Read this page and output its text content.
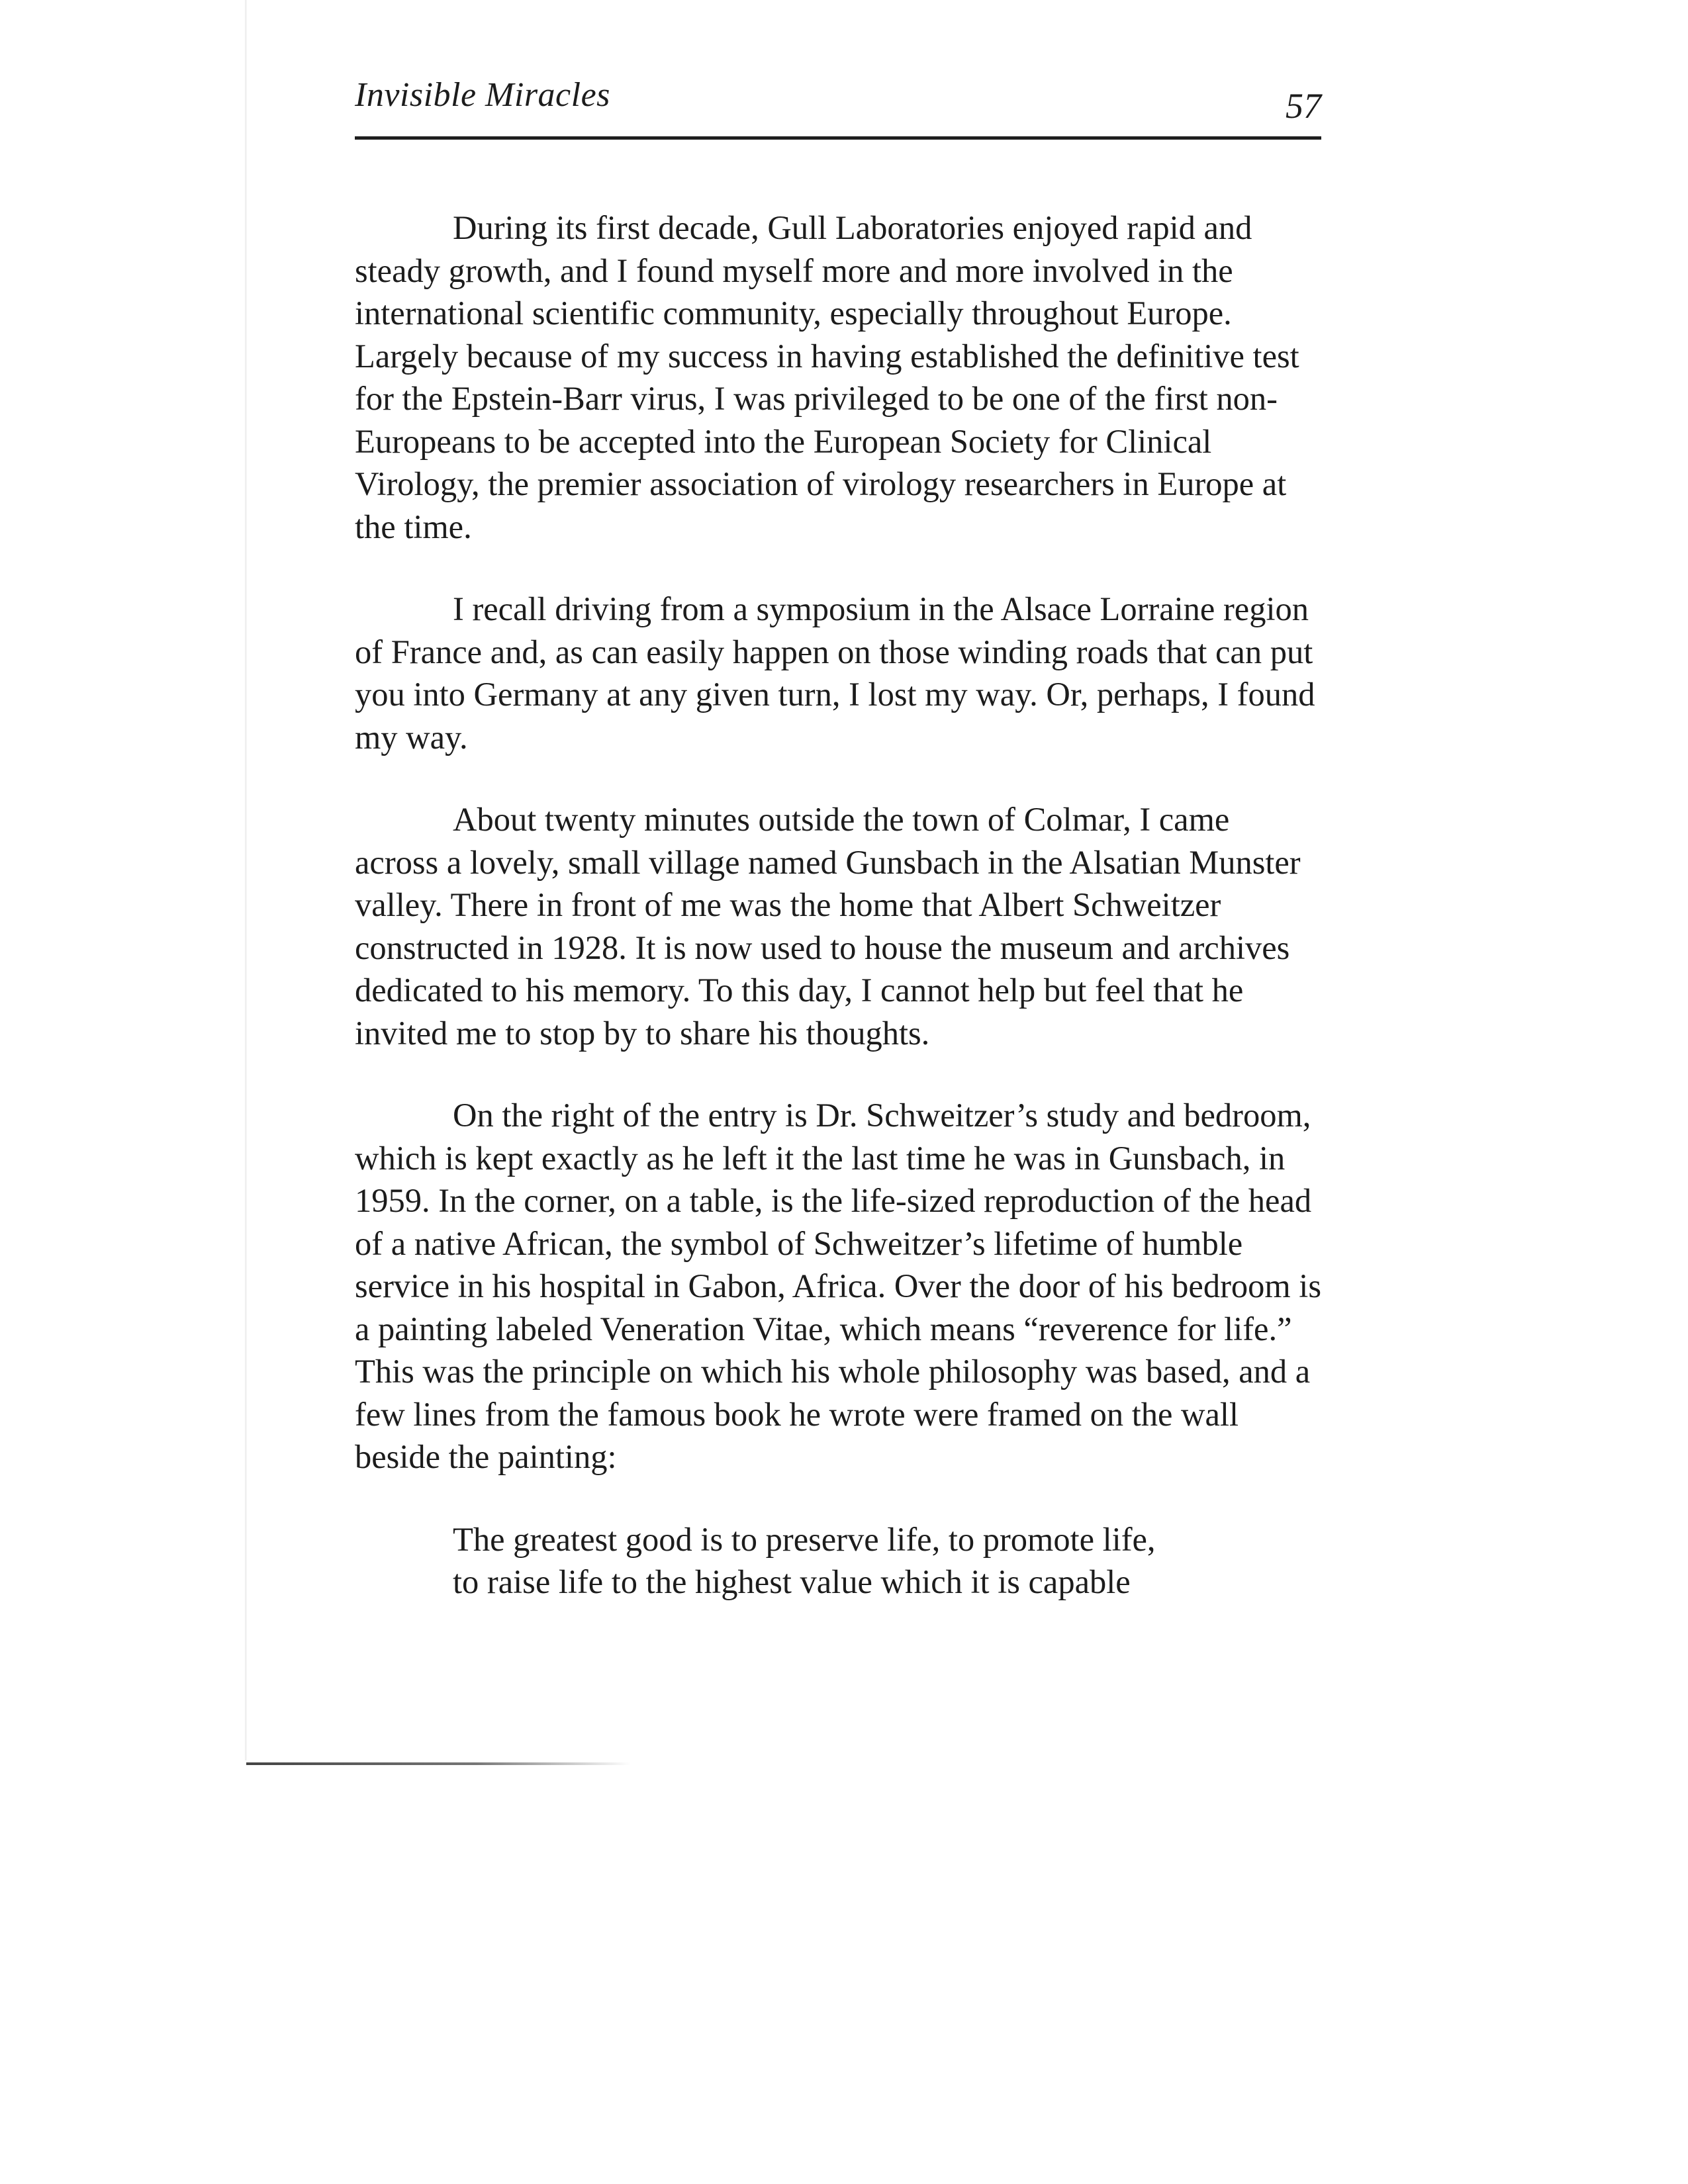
Invisible Miracles	57

During its first decade, Gull Laboratories enjoyed rapid and steady growth, and I found myself more and more involved in the international scientific community, especially throughout Europe. Largely because of my success in having established the definitive test for the Epstein-Barr virus, I was privileged to be one of the first non-Europeans to be accepted into the European Society for Clinical Virology, the premier association of virology researchers in Europe at the time.

I recall driving from a symposium in the Alsace Lorraine region of France and, as can easily happen on those winding roads that can put you into Germany at any given turn, I lost my way. Or, perhaps, I found my way.

About twenty minutes outside the town of Colmar, I came across a lovely, small village named Gunsbach in the Alsatian Munster valley. There in front of me was the home that Albert Schweitzer constructed in 1928. It is now used to house the museum and archives dedicated to his memory. To this day, I cannot help but feel that he invited me to stop by to share his thoughts.

On the right of the entry is Dr. Schweitzer’s study and bedroom, which is kept exactly as he left it the last time he was in Gunsbach, in 1959. In the corner, on a table, is the life-sized reproduction of the head of a native African, the symbol of Schweitzer’s lifetime of humble service in his hospital in Gabon, Africa. Over the door of his bedroom is a painting labeled Veneration Vitae, which means “reverence for life.” This was the principle on which his whole philosophy was based, and a few lines from the famous book he wrote were framed on the wall beside the painting:

The greatest good is to preserve life, to promote life,
to raise life to the highest value which it is capable
